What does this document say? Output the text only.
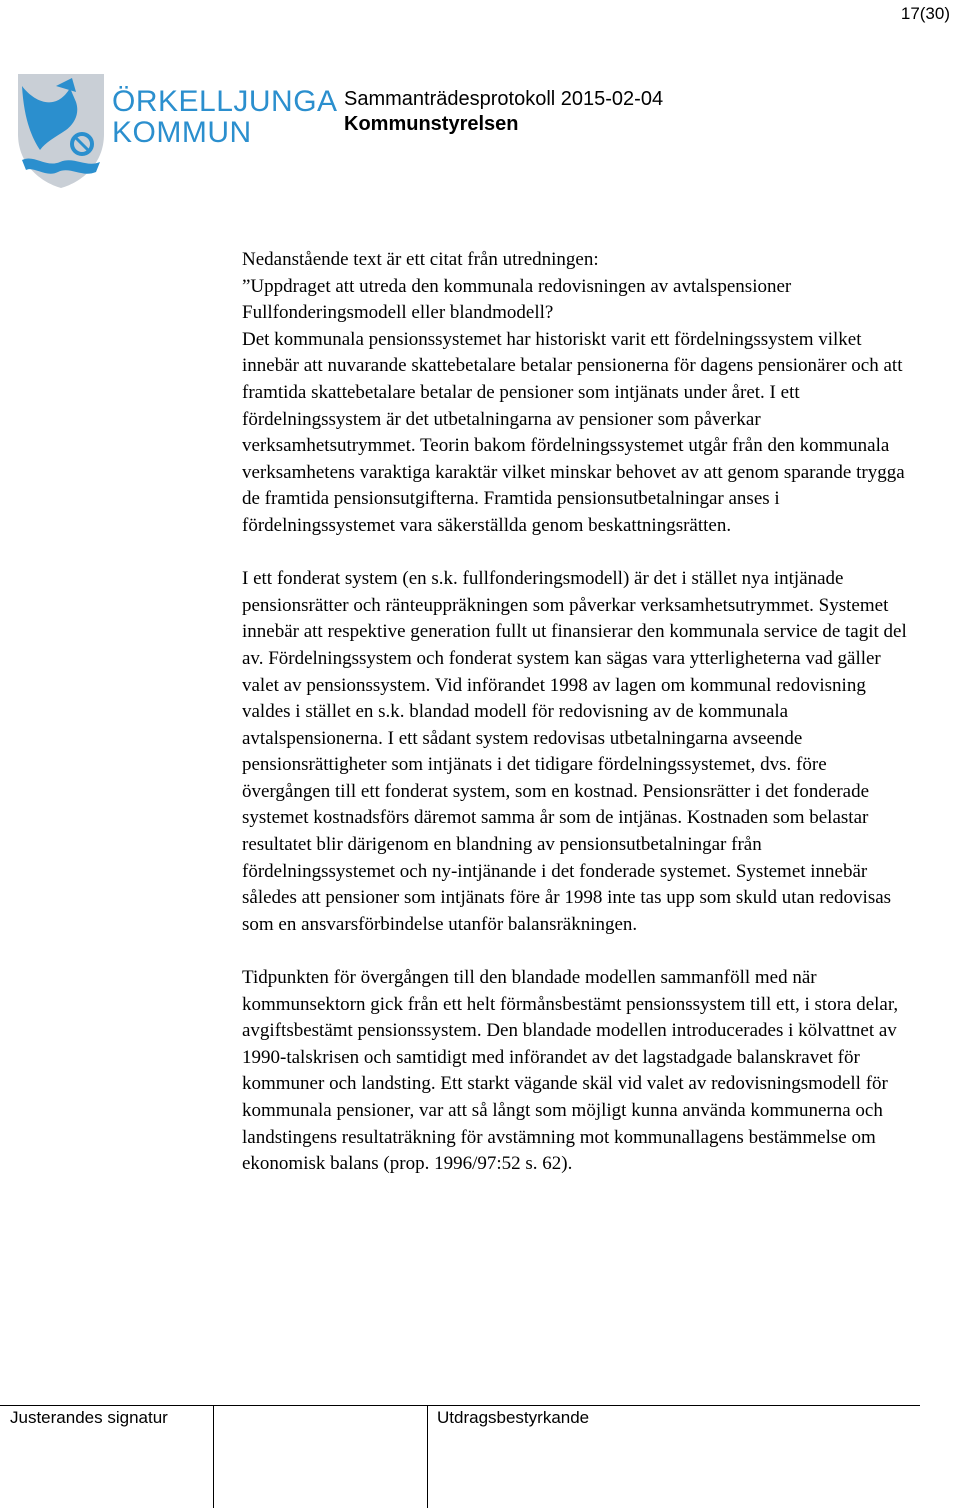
17(30)
ÖRKELLJUNGA
KOMMUN
Sammanträdesprotokoll 2015-02-04
Kommunstyrelsen

Nedanstående text är ett citat från utredningen:

”Uppdraget att utreda den kommunala redovisningen av avtalspensioner

Fullfonderingsmodell eller blandmodell?

Det kommunala pensionssystemet har historiskt varit ett fördelningssystem vilket innebär att nuvarande skattebetalare betalar pensionerna för dagens pensionärer och att framtida skattebetalare betalar de pensioner som intjänats under året. I ett fördelningssystem är det utbetalningarna av pensioner som påverkar verksamhetsutrymmet. Teorin bakom fördelningssystemet utgår från den kommunala verksamhetens varaktiga karaktär vilket minskar behovet av att genom sparande trygga de framtida pensionsutgifterna. Framtida pensionsutbetalningar anses i fördelningssystemet vara säkerställda genom beskattningsrätten.

I ett fonderat system (en s.k. fullfonderingsmodell) är det i stället nya intjänade pensionsrätter och ränteuppräkningen som påverkar verksamhetsutrymmet. Systemet innebär att respektive generation fullt ut finansierar den kommunala service de tagit del av. Fördelningssystem och fonderat system kan sägas vara ytterligheterna vad gäller valet av pensionssystem. Vid införandet 1998 av lagen om kommunal redovisning valdes i stället en s.k. blandad modell för redovisning av de kommunala avtalspensionerna. I ett sådant system redovisas utbetalningarna avseende pensionsrättigheter som intjänats i det tidigare fördelningssystemet, dvs. före övergången till ett fonderat system, som en kostnad. Pensionsrätter i det fonderade systemet kostnadsförs däremot samma år som de intjänas. Kostnaden som belastar resultatet blir därigenom en blandning av pensionsutbetalningar från fördelningssystemet och ny-intjänande i det fonderade systemet. Systemet innebär således att pensioner som intjänats före år 1998 inte tas upp som skuld utan redovisas som en ansvarsförbindelse utanför balansräkningen.

Tidpunkten för övergången till den blandade modellen sammanföll med när kommunsektorn gick från ett helt förmånsbestämt pensionssystem till ett, i stora delar, avgiftsbestämt pensionssystem. Den blandade modellen introducerades i kölvattnet av 1990-talskrisen och samtidigt med införandet av det lagstadgade balanskravet för kommuner och landsting. Ett starkt vägande skäl vid valet av redovisningsmodell för kommunala pensioner, var att så långt som möjligt kunna använda kommunerna och landstingens resultaträkning för avstämning mot kommunallagens bestämmelse om ekonomisk balans (prop. 1996/97:52 s. 62).

Justerandes signatur	Utdragsbestyrkande
